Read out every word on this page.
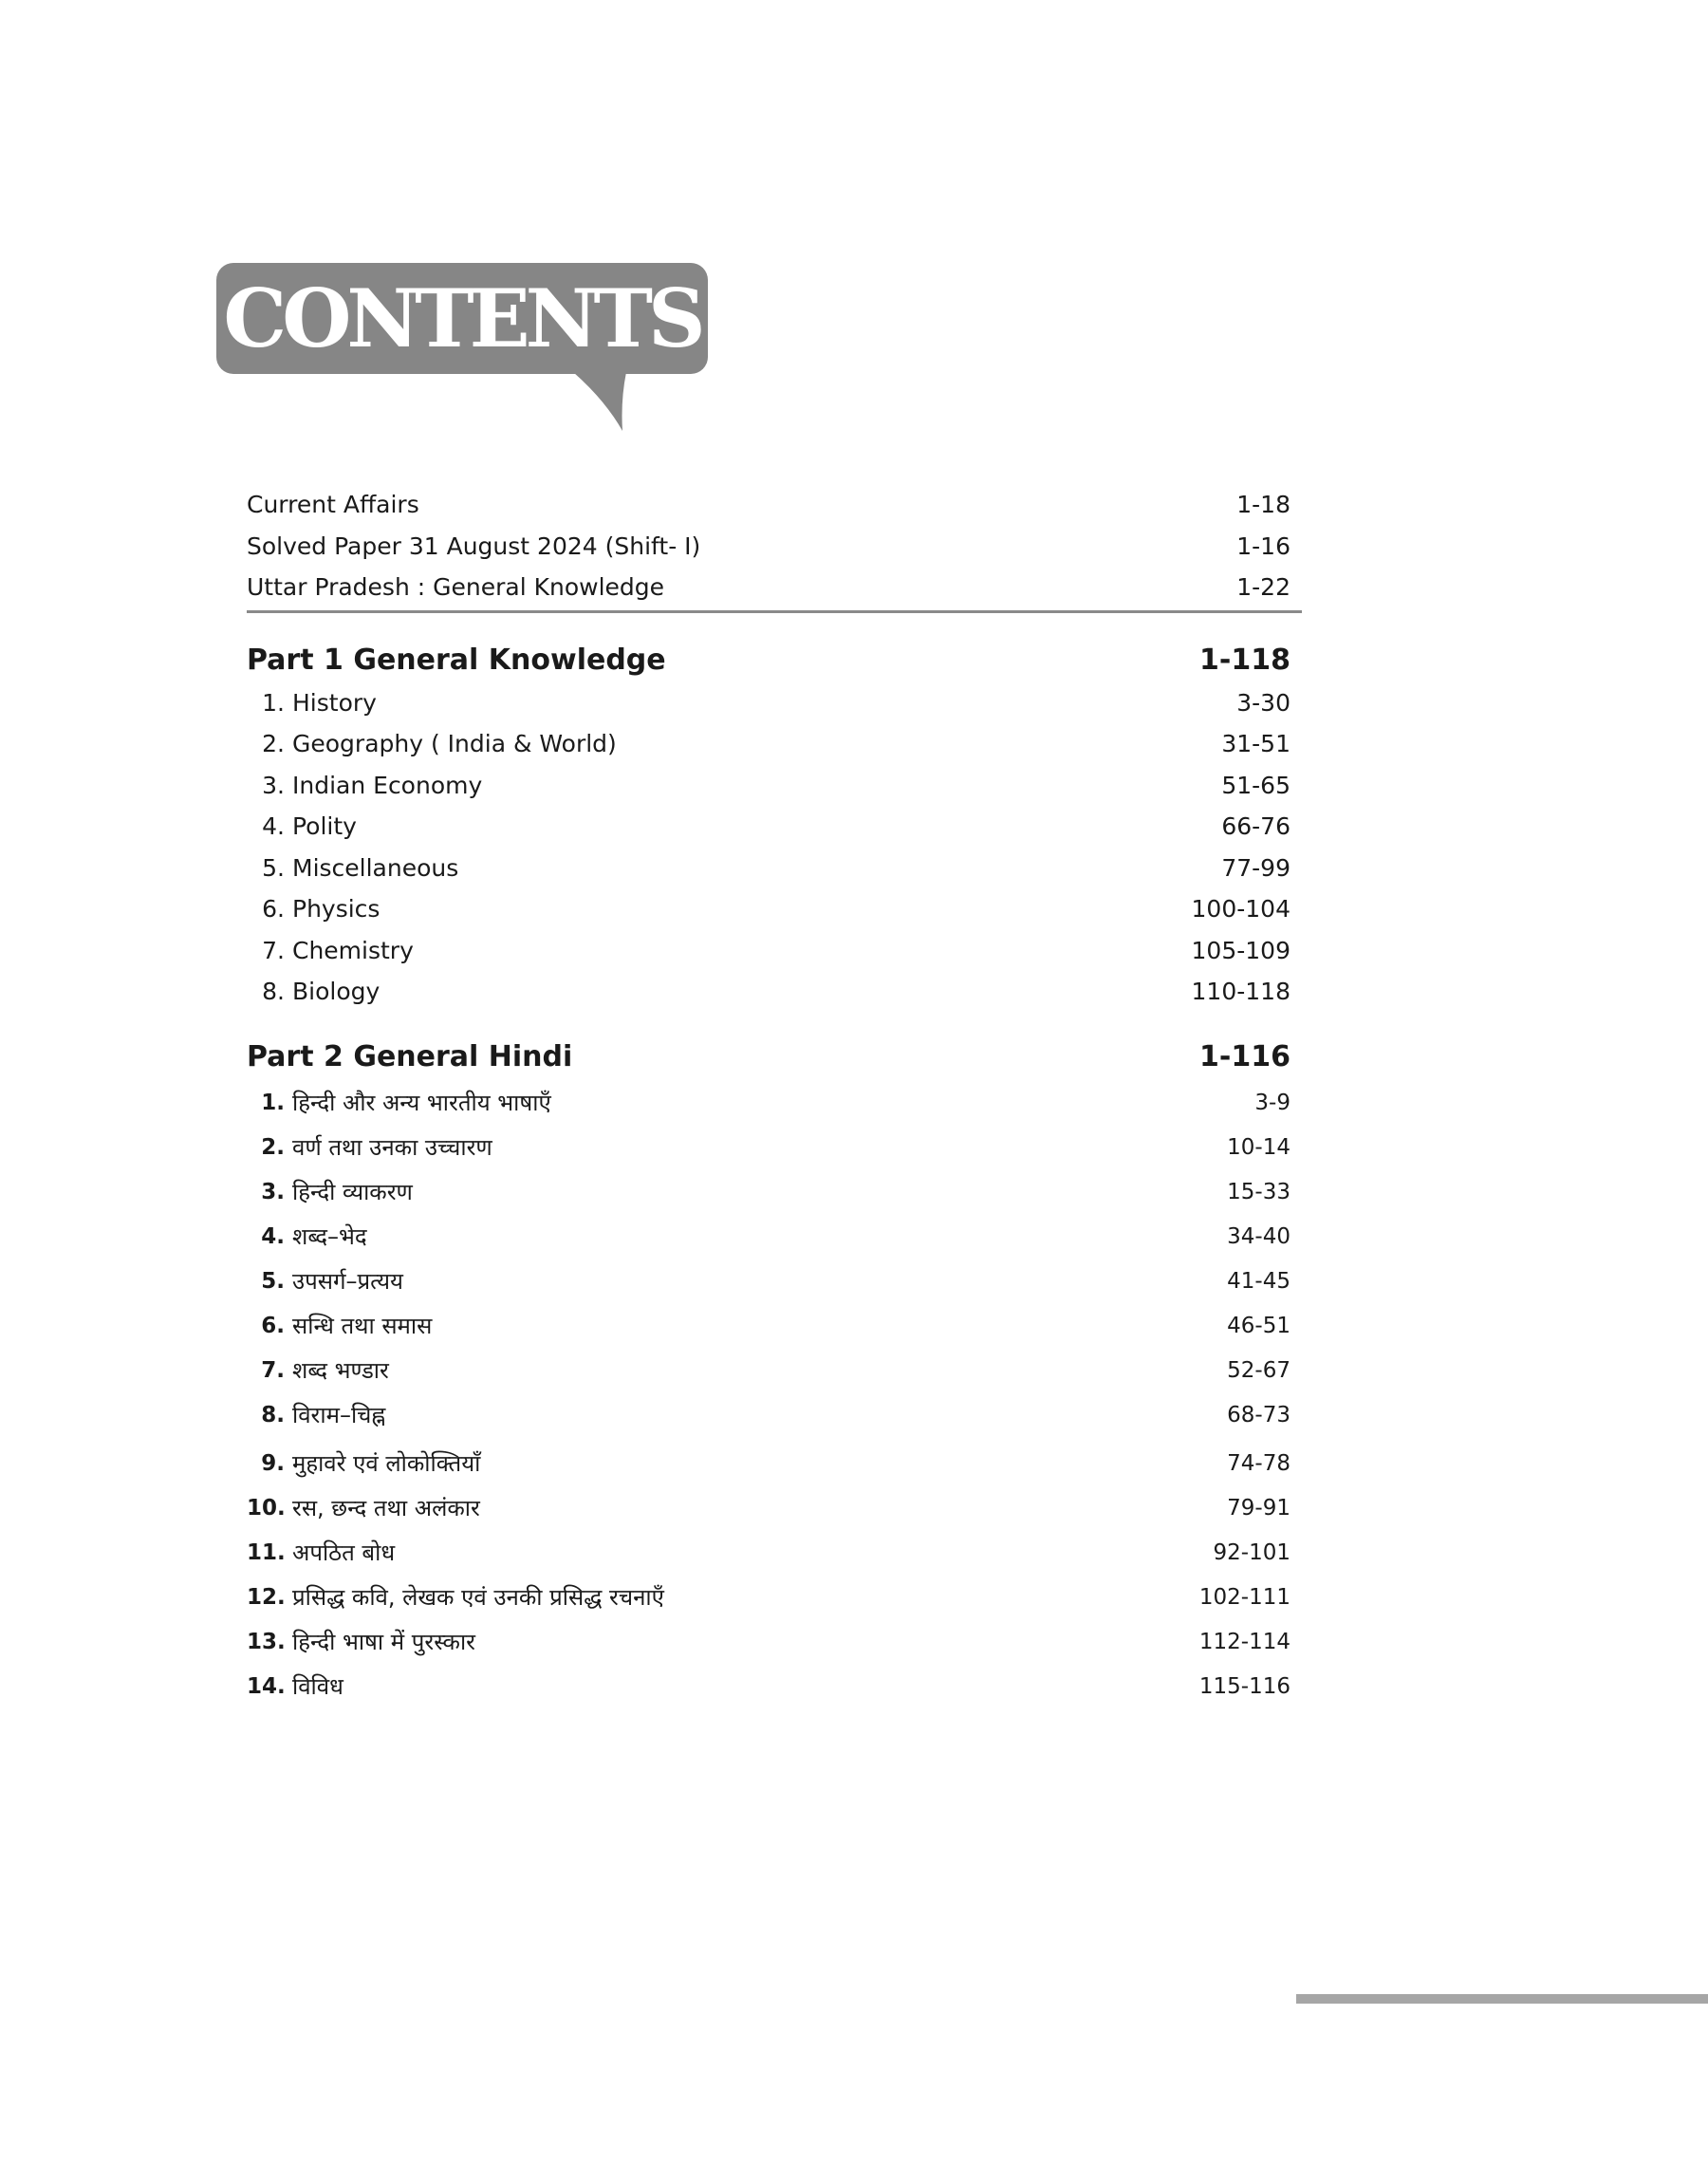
CONTENTS
Current Affairs	1-18
Solved Paper 31 August 2024 (Shift- I)	1-16
Uttar Pradesh : General Knowledge	1-22
Part 1 General Knowledge	1-118
1. History	3-30
2. Geography ( India & World)	31-51
3. Indian Economy	51-65
4. Polity	66-76
5. Miscellaneous	77-99
6. Physics	100-104
7. Chemistry	105-109
8. Biology	110-118
Part 2 General Hindi	1-116
1. हिन्दी और अन्य भारतीय भाषाएँ	3-9
2. वर्ण तथा उनका उच्चारण	10-14
3. हिन्दी व्याकरण	15-33
4. शब्द–भेद	34-40
5. उपसर्ग–प्रत्यय	41-45
6. सन्धि तथा समास	46-51
7. शब्द भण्डार	52-67
8. विराम–चिह्न	68-73
9. मुहावरे एवं लोकोक्तियाँ	74-78
10. रस, छन्द तथा अलंकार	79-91
11. अपठित बोध	92-101
12. प्रसिद्ध कवि, लेखक एवं उनकी प्रसिद्ध रचनाएँ	102-111
13. हिन्दी भाषा में पुरस्कार	112-114
14. विविध	115-116
